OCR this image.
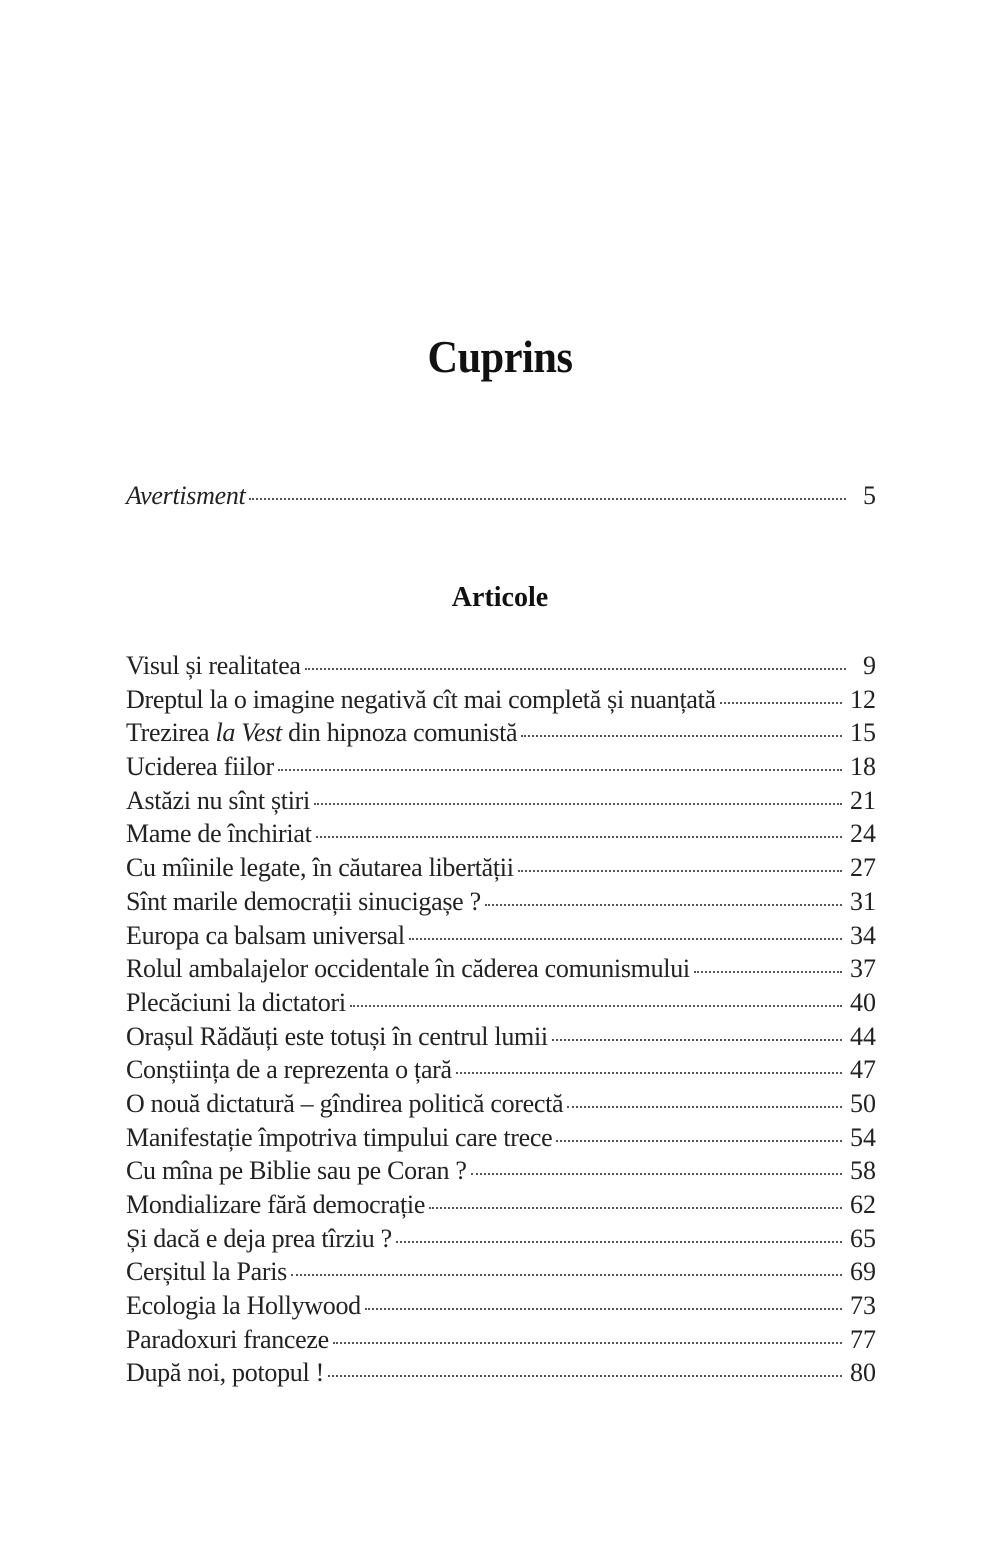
Cuprins
Avertisment	5
Articole
Visul și realitatea	9
Dreptul la o imagine negativă cît mai completă și nuanțată	12
Trezirea la Vest din hipnoza comunistă	15
Uciderea fiilor	18
Astăzi nu sînt știri	21
Mame de închiriat	24
Cu mîinile legate, în căutarea libertății	27
Sînt marile democrații sinucigașe ?	31
Europa ca balsam universal	34
Rolul ambalajelor occidentale în căderea comunismului	37
Plecăciuni la dictatori	40
Orașul Rădăuți este totuși în centrul lumii	44
Conștiința de a reprezenta o țară	47
O nouă dictatură – gîndirea politică corectă	50
Manifestație împotriva timpului care trece	54
Cu mîna pe Biblie sau pe Coran ?	58
Mondializare fără democrație	62
Și dacă e deja prea tîrziu ?	65
Cerșitul la Paris	69
Ecologia la Hollywood	73
Paradoxuri franceze	77
După noi, potopul !	80
